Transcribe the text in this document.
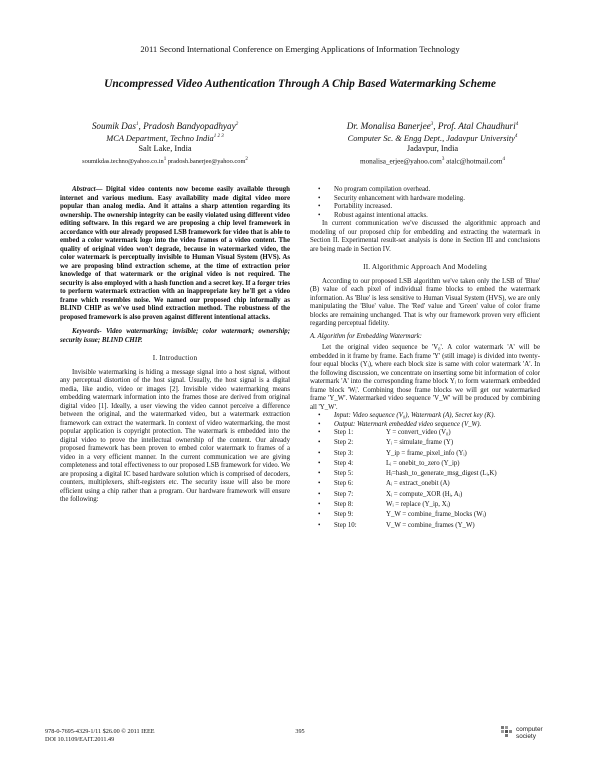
2011 Second International Conference on Emerging Applications of Information Technology
Uncompressed Video Authentication Through A Chip Based Watermarking Scheme
Soumik Das$^1$, Pradosh Bandyopadhyay$^2$
MCA Department, Techno India$^{1 2 3}$
Salt Lake, India
$soumikdas.techno@yahoo.co.in^1$ pradosh.banerjee@yahoo.com$^2$
Dr. Monalisa Banerjee$^3$, Prof. Atal Chaudhuri$^4$
Computer Sc. & Engg Dept., Jadavpur University$^4$
Jadavpur, India
monalisa_erjee@yahoo.com$^3$ atalc@hotmail.com$^4$

Abstract— Digital video contents now become easily available through internet and various medium. Easy availability made digital video more popular than analog media. And it attains a sharp attention regarding its ownership. The ownership integrity can be easily violated using different video editing software. In this regard we are proposing a chip level framework in accordance with our already proposed LSB framework for video that is able to embed a color watermark logo into the video frames of a video content. The quality of original video won't degrade, because in watermarked video, the color watermark is perceptually invisible to Human Visual System (HVS). As we are proposing blind extraction scheme, at the time of extraction prior knowledge of that watermark or the original video is not required. The security is also employed with a hash function and a secret key. If a forger tries to perform watermark extraction with an inappropriate key he'll get a video frame which resembles noise. We named our proposed chip informally as BLIND CHIP as we've used blind extraction method. The robustness of the proposed framework is also proven against different intentional attacks.

Keywords- Video watermarking; invisible; color watermark; ownership; security issue; BLIND CHIP.

I. Introduction

Invisible watermarking is hiding a message signal into a host signal, without any perceptual distortion of the host signal. Usually, the host signal is a digital media, like audio, video or images [2]. Invisible video watermarking means embedding watermark information into the frames those are derived from original digital video [1]. Ideally, a user viewing the video cannot perceive a difference between the original, and the watermarked video, but a watermark extraction framework can extract the watermark. In context of video watermarking, the most popular application is copyright protection. The watermark is embedded into the digital video to prove the intellectual ownership of the content. Our already proposed framework has been proven to embed color watermark to frames of a video in a very efficient manner. In the current communication we are giving completeness and total effectiveness to our proposed LSB framework for video. We are proposing a digital IC based hardware solution which is comprised of decoders, counters, multiplexers, shift-registers etc. The security issue will also be more efficient using a chip rather than a program. Our hardware framework will ensure the following:

• No program compilation overhead.
• Security enhancement with hardware modeling.
• Portability increased.
• Robust against intentional attacks.

In current communication we've discussed the algorithmic approach and modeling of our proposed chip for embedding and extracting the watermark in Section II. Experimental result-set analysis is done in Section III and conclusions are being made in Section IV.

II. Algorithmic Approach And Modeling

According to our proposed LSB algorithm we've taken only the LSB of 'Blue' (B) value of each pixel of individual frame blocks to embed the watermark information. As 'Blue' is less sensitive to Human Visual System (HVS), we are only manipulating the 'Blue' value. The 'Red' value and 'Green' value of color frame blocks are remaining unchanged. That is why our framework proven very efficient regarding perceptual fidelity.

A. Algorithm for Embedding Watermark:

Let the original video sequence be 'V₀'. A color watermark 'A' will be embedded in it frame by frame. Each frame 'Y' (still image) is divided into twenty-four equal blocks (Yᵢ), where each block size is same with color watermark 'A'. In the following discussion, we concentrate on inserting some bit information of color watermark 'A' into the corresponding frame block Yᵢ to form watermark embedded frame block 'Wᵢ'. Combining those frame blocks we will get our watermarked frame 'Y_W'. Watermarked video sequence 'V_W' will be produced by combining all 'Y_W'.

• Input: Video sequence (V₀), Watermark (A), Secret key (K).
• Output: Watermark embedded video sequence (V_W).
• Step 1:	Y = convert_video (V₀)
• Step 2:	Yᵢ = simulate_frame (Y)
• Step 3:	Y_ip = frame_pixel_info (Yᵢ)
• Step 4:	Lᵢ = onebit_to_zero (Y_ip)
• Step 5:	Hᵢ=hash_to_generate_msg_digest (Lᵢ,K)
• Step 6:	Aᵢ = extract_onebit (A)
• Step 7:	Xᵢ = compute_XOR (Hᵢ, Aᵢ)
• Step 8:	Wᵢ = replace (Y_ip, Xᵢ)
• Step 9:	Y_W = combine_frame_blocks (Wᵢ)
• Step 10:	V_W = combine_frames (Y_W)
978-0-7695-4329-1/11 $26.00 © 2011 IEEE
DOI 10.1109/EAIT.2011.49
395	computer
society
